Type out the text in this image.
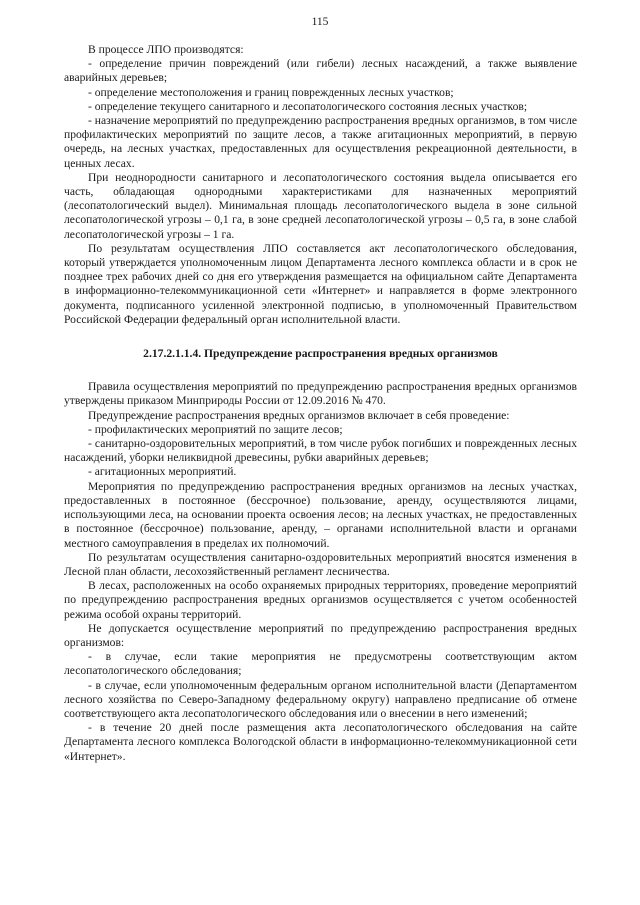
115

В процессе ЛПО производятся:

- определение причин повреждений (или гибели) лесных насаждений, а также выявление аварийных деревьев;

- определение местоположения и границ поврежденных лесных участков;

- определение текущего санитарного и лесопатологического состояния лесных участков;

- назначение мероприятий по предупреждению распространения вредных организмов, в том числе профилактических мероприятий по защите лесов, а также агитационных мероприятий, в первую очередь, на лесных участках, предоставленных для осуществления рекреационной деятельности, в ценных лесах.

При неоднородности санитарного и лесопатологического состояния выдела описывается его часть, обладающая однородными характеристиками для назначенных мероприятий (лесопатологический выдел). Минимальная площадь лесопатологического выдела в зоне сильной лесопатологической угрозы – 0,1 га, в зоне средней лесопатологической угрозы – 0,5 га, в зоне слабой лесопатологической угрозы – 1 га.

По результатам осуществления ЛПО составляется акт лесопатологического обследования, который утверждается уполномоченным лицом Департамента лесного комплекса области и в срок не позднее трех рабочих дней со дня его утверждения размещается на официальном сайте Департамента в информационно-телекоммуникационной сети «Интернет» и направляется в форме электронного документа, подписанного усиленной электронной подписью, в уполномоченный Правительством Российской Федерации федеральный орган исполнительной власти.

2.17.2.1.1.4. Предупреждение распространения вредных организмов

Правила осуществления мероприятий по предупреждению распространения вредных организмов утверждены приказом Минприроды России от 12.09.2016 № 470.

Предупреждение распространения вредных организмов включает в себя проведение:

- профилактических мероприятий по защите лесов;

- санитарно-оздоровительных мероприятий, в том числе рубок погибших и поврежденных лесных насаждений, уборки неликвидной древесины, рубки аварийных деревьев;

- агитационных мероприятий.

Мероприятия по предупреждению распространения вредных организмов на лесных участках, предоставленных в постоянное (бессрочное) пользование, аренду, осуществляются лицами, использующими леса, на основании проекта освоения лесов; на лесных участках, не предоставленных в постоянное (бессрочное) пользование, аренду, – органами исполнительной власти и органами местного самоуправления в пределах их полномочий.

По результатам осуществления санитарно-оздоровительных мероприятий вносятся изменения в Лесной план области, лесохозяйственный регламент лесничества.

В лесах, расположенных на особо охраняемых природных территориях, проведение мероприятий по предупреждению распространения вредных организмов осуществляется с учетом особенностей режима особой охраны территорий.

Не допускается осуществление мероприятий по предупреждению распространения вредных организмов:

- в случае, если такие мероприятия не предусмотрены соответствующим актом лесопатологического обследования;

- в случае, если уполномоченным федеральным органом исполнительной власти (Департаментом лесного хозяйства по Северо-Западному федеральному округу) направлено предписание об отмене соответствующего акта лесопатологического обследования или о внесении в него изменений;

- в течение 20 дней после размещения акта лесопатологического обследования на сайте Департамента лесного комплекса Вологодской области в информационно-телекоммуникационной сети «Интернет».
